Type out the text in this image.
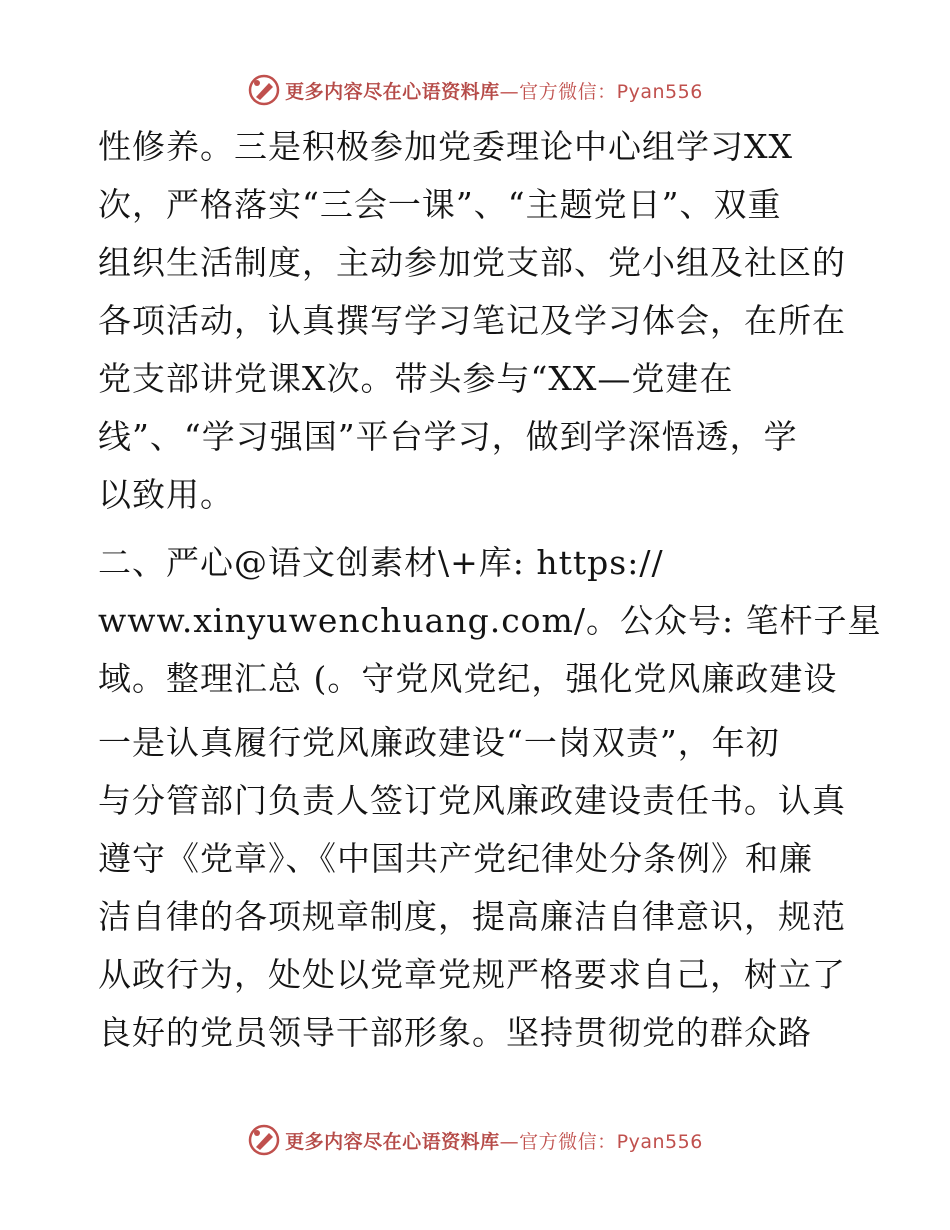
更多内容尽在心语资料库—官方微信：Pyan556
性修养。三是积极参加党委理论中心组学习XX
次，严格落实“三会一课”、“主题党日”、双重
组织生活制度，主动参加党支部、党小组及社区的
各项活动，认真撰写学习笔记及学习体会，在所在
党支部讲党课X次。带头参与“XX—党建在
线”、“学习强国”平台学习，做到学深悟透，学
以致用。
二、严心@语文创素材\+库: https://
www.xinyuwenchuang.com/。公众号: 笔杆子星
域。整理汇总 (。守党风党纪，强化党风廉政建设
一是认真履行党风廉政建设“一岗双责”，年初
与分管部门负责人签订党风廉政建设责任书。认真
遵守《党章》、《中国共产党纪律处分条例》和廉
洁自律的各项规章制度，提高廉洁自律意识，规范
从政行为，处处以党章党规严格要求自己，树立了
良好的党员领导干部形象。坚持贯彻党的群众路
更多内容尽在心语资料库—官方微信：Pyan556
